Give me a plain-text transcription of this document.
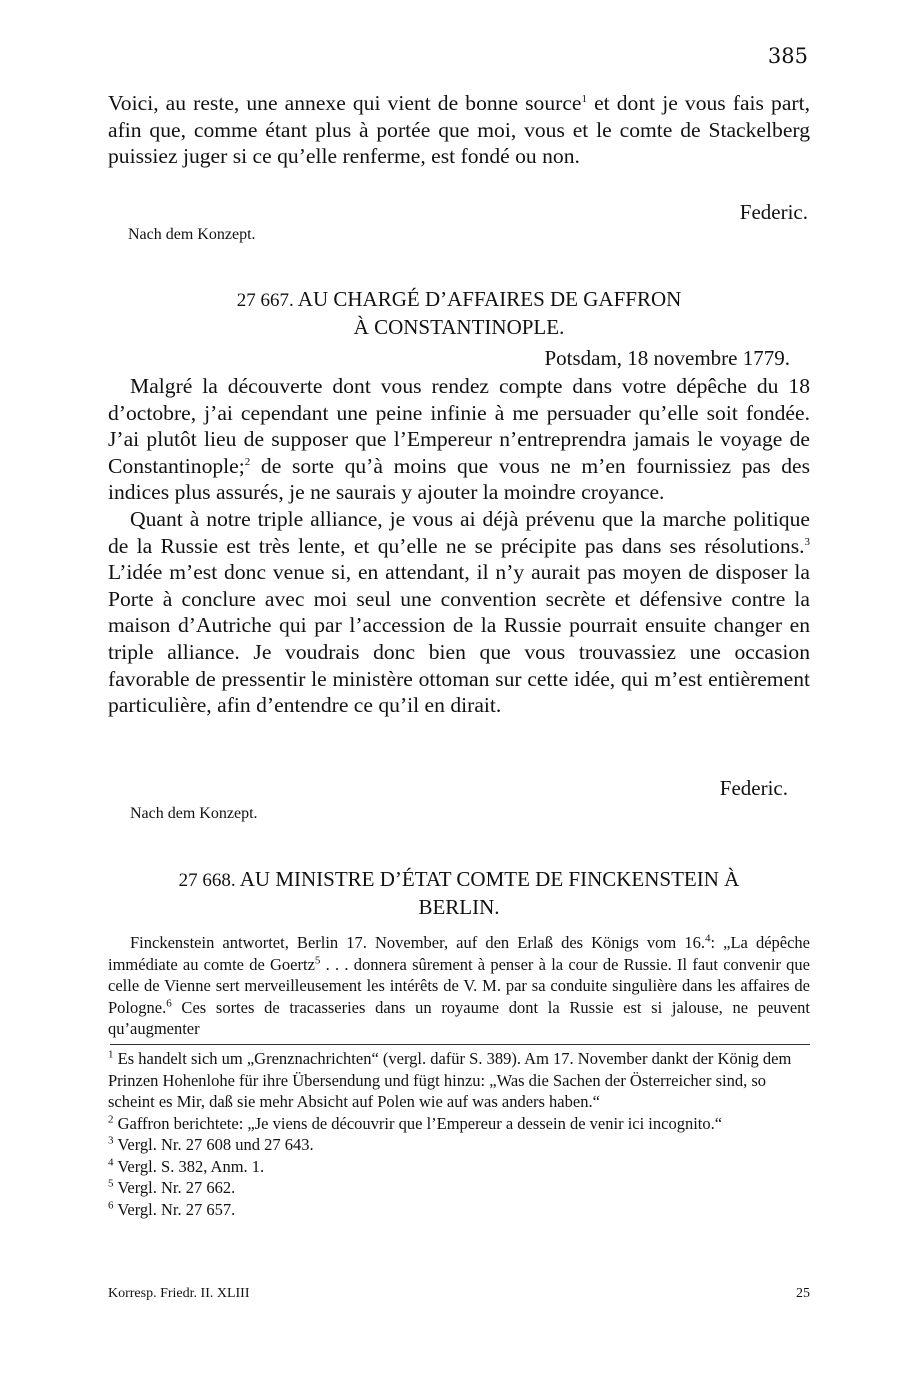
385

Voici, au reste, une annexe qui vient de bonne source$^1$ et dont je vous fais part, afin que, comme étant plus à portée que moi, vous et le comte de Stackelberg puissiez juger si ce qu’elle renferme, est fondé ou non.

Federic.
Nach dem Konzept.
27 667. AU CHARGÉ D’AFFAIRES DE GAFFRON
À CONSTANTINOPLE.
Potsdam, 18 novembre 1779.

Malgré la découverte dont vous rendez compte dans votre dépêche du 18 d’octobre, j’ai cependant une peine infinie à me persuader qu’elle soit fondée. J’ai plutôt lieu de supposer que l’Empereur n’entreprendra jamais le voyage de Constantinople;$^2$ de sorte qu’à moins que vous ne m’en fournissiez pas des indices plus assurés, je ne saurais y ajouter la moindre croyance.

Quant à notre triple alliance, je vous ai déjà prévenu que la marche politique de la Russie est très lente, et qu’elle ne se précipite pas dans ses résolutions.$^3$ L’idée m’est donc venue si, en attendant, il n’y aurait pas moyen de disposer la Porte à conclure avec moi seul une convention secrète et défensive contre la maison d’Autriche qui par l’accession de la Russie pourrait ensuite changer en triple alliance. Je voudrais donc bien que vous trouvassiez une occasion favorable de pressentir le ministère ottoman sur cette idée, qui m’est entièrement particulière, afin d’entendre ce qu’il en dirait.

Federic.
Nach dem Konzept.
27 668. AU MINISTRE D’ÉTAT COMTE DE FINCKENSTEIN À
BERLIN.

Finckenstein antwortet, Berlin 17. November, auf den Erlaß des Königs vom 16.$^4$: „La dépêche immédiate au comte de Goertz$^5$ . . . donnera sûrement à penser à la cour de Russie. Il faut convenir que celle de Vienne sert merveilleusement les intérêts de V. M. par sa conduite singulière dans les affaires de Pologne.$^6$ Ces sortes de tracasseries dans un royaume dont la Russie est si jalouse, ne peuvent qu’augmenter

$^1$ Es handelt sich um „Grenznachrichten“ (vergl. dafür S. 389). Am 17. November dankt der König dem Prinzen Hohenlohe für ihre Übersendung und fügt hinzu: „Was die Sachen der Österreicher sind, so scheint es Mir, daß sie mehr Absicht auf Polen wie auf was anders haben.“

$^2$ Gaffron berichtete: „Je viens de découvrir que l’Empereur a dessein de venir ici incognito.“

$^3$ Vergl. Nr. 27 608 und 27 643.

$^4$ Vergl. S. 382, Anm. 1.

$^5$ Vergl. Nr. 27 662.

$^6$ Vergl. Nr. 27 657.

Korresp. Friedr. II. XLIII	25
